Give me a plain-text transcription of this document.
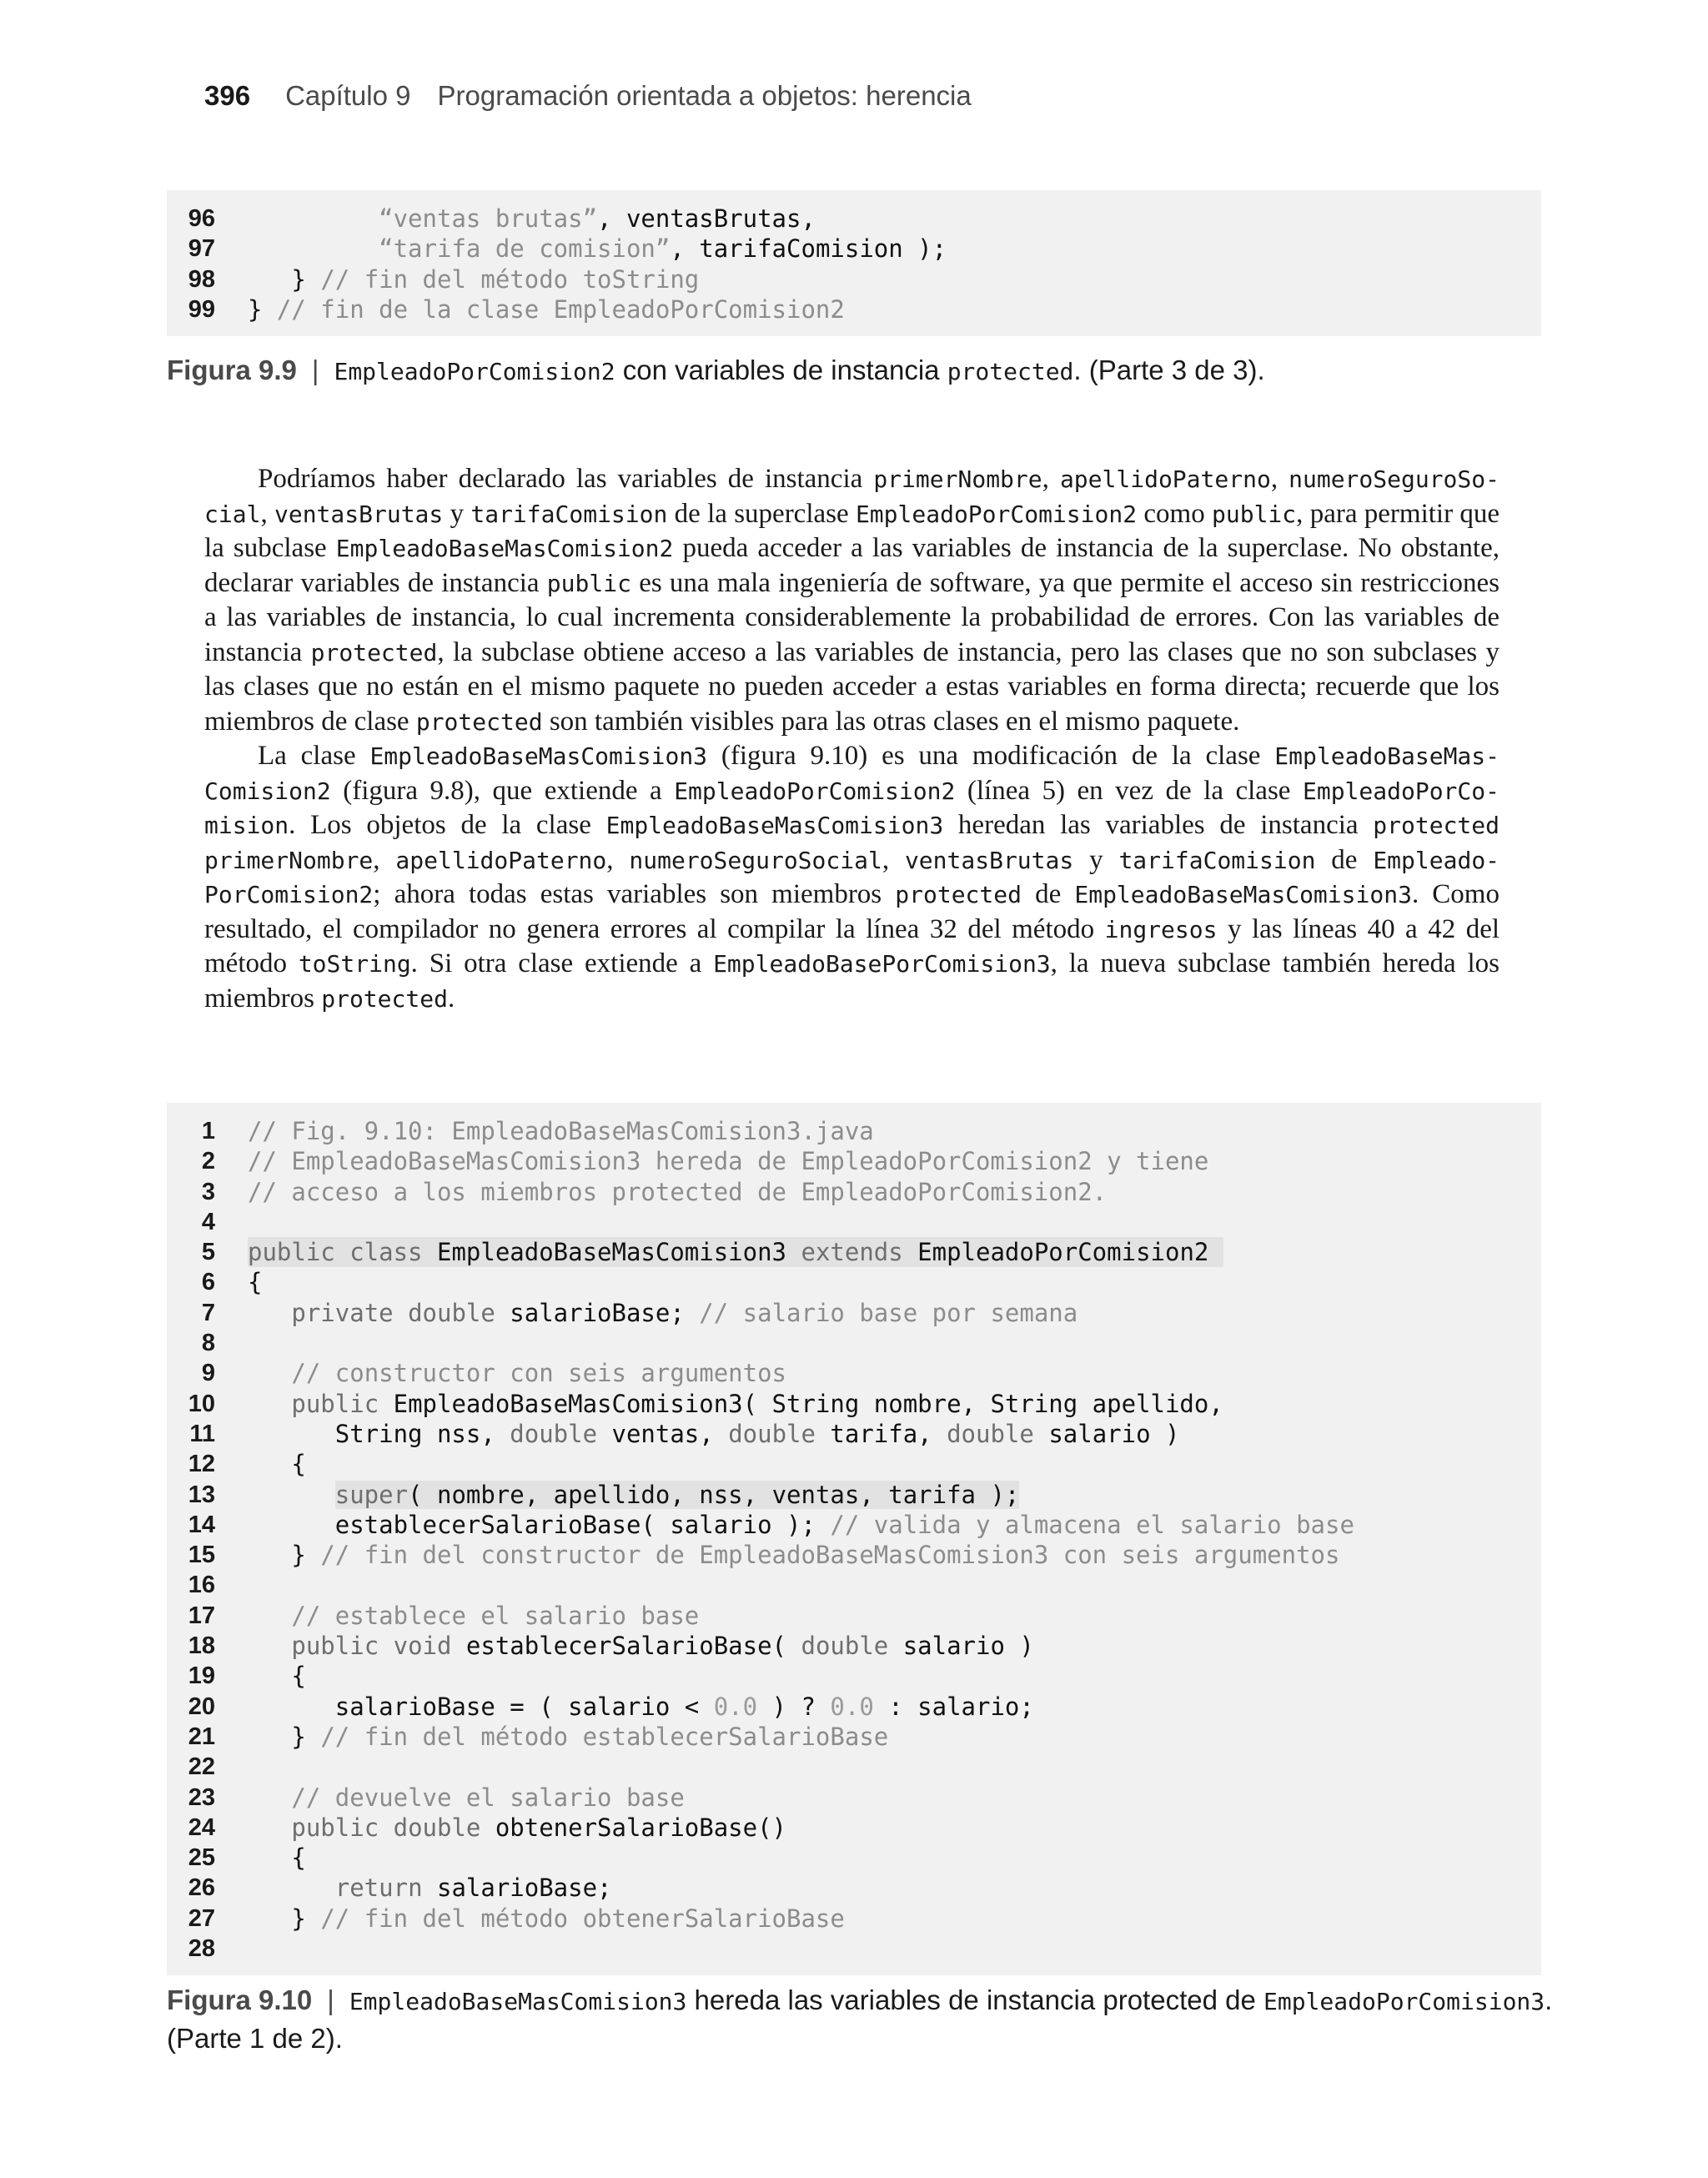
396 Capítulo 9 Programación orientada a objetos: herencia
96	“ventas brutas”, ventasBrutas,
97	“tarifa de comision”, tarifaComision );
98 } // fin del método toString
99 } // fin de la clase EmpleadoPorComision2
Figura 9.9 | EmpleadoPorComision2 con variables de instancia protected. (Parte 3 de 3).

Podríamos haber declarado las variables de instancia primerNombre, apellidoPaterno, numeroSeguroSo-cial, ventasBrutas y tarifaComision de la superclase EmpleadoPorComision2 como public, para permitir que la subclase EmpleadoBaseMasComision2 pueda acceder a las variables de instancia de la superclase. No obstante, declarar variables de instancia public es una mala ingeniería de software, ya que permite el acceso sin restricciones a las variables de instancia, lo cual incrementa considerablemente la probabilidad de errores. Con las variables de instancia protected, la subclase obtiene acceso a las variables de instancia, pero las clases que no son subclases y las clases que no están en el mismo paquete no pueden acceder a estas variables en forma directa; recuerde que los miembros de clase protected son también visibles para las otras clases en el mismo paquete.

La clase EmpleadoBaseMasComision3 (figura 9.10) es una modificación de la clase EmpleadoBaseMas-Comision2 (figura 9.8), que extiende a EmpleadoPorComision2 (línea 5) en vez de la clase EmpleadoPorCo-mision. Los objetos de la clase EmpleadoBaseMasComision3 heredan las variables de instancia protected primerNombre, apellidoPaterno, numeroSeguroSocial, ventasBrutas y tarifaComision de Empleado-PorComision2; ahora todas estas variables son miembros protected de EmpleadoBaseMasComision3. Como resultado, el compilador no genera errores al compilar la línea 32 del método ingresos y las líneas 40 a 42 del método toString. Si otra clase extiende a EmpleadoBasePorComision3, la nueva subclase también hereda los miembros protected.

1 // Fig. 9.10: EmpleadoBaseMasComision3.java
2 // EmpleadoBaseMasComision3 hereda de EmpleadoPorComision2 y tiene
3 // acceso a los miembros protected de EmpleadoPorComision2.
4
5 public class EmpleadoBaseMasComision3 extends EmpleadoPorComision2
6 {
7	private double salarioBase; // salario base por semana
8
9	// constructor con seis argumentos
10	public EmpleadoBaseMasComision3( String nombre, String apellido,
11 String nss, double ventas, double tarifa, double salario )
12 {
13	super( nombre, apellido, nss, ventas, tarifa );
14 establecerSalarioBase( salario ); // valida y almacena el salario base
15 } // fin del constructor de EmpleadoBaseMasComision3 con seis argumentos
16
17	// establece el salario base
18	public void establecerSalarioBase( double salario )
19 {
20 salarioBase = ( salario < 0.0 ) ? 0.0 : salario;
21 } // fin del método establecerSalarioBase
22
23	// devuelve el salario base
24	public double obtenerSalarioBase()
25 {
26	return salarioBase;
27 } // fin del método obtenerSalarioBase
28
Figura 9.10 | EmpleadoBaseMasComision3 hereda las variables de instancia protected de EmpleadoPorComision3.
(Parte 1 de 2).
